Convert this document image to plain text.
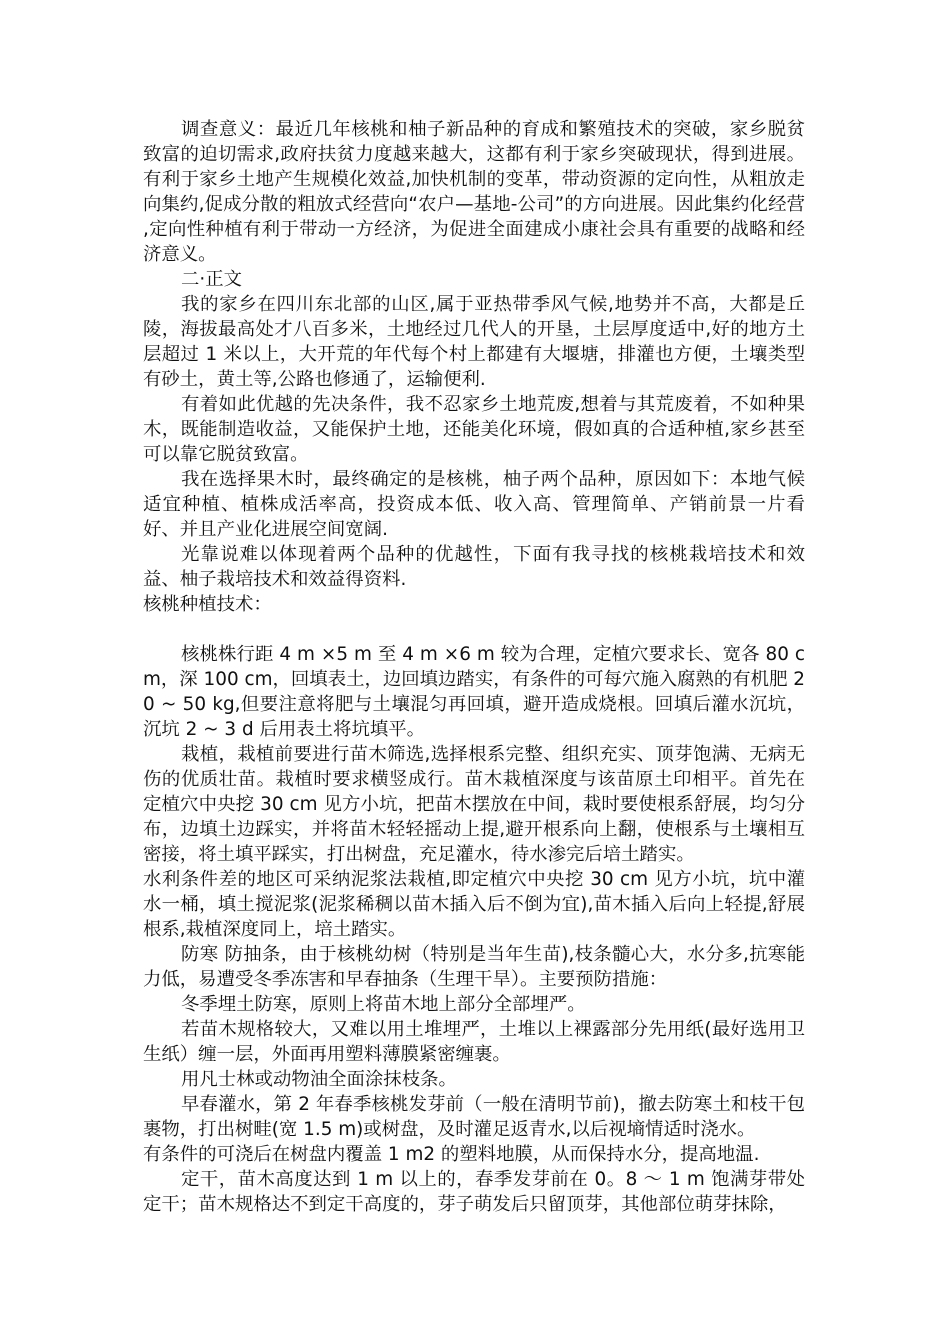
调查意义：最近几年核桃和柚子新品种的育成和繁殖技术的突破，家乡脱贫致富的迫切需求,政府扶贫力度越来越大，这都有利于家乡突破现状，得到进展。有利于家乡土地产生规模化效益,加快机制的变革，带动资源的定向性，从粗放走向集约,促成分散的粗放式经营向“农户—基地-公司”的方向进展。因此集约化经营 ,定向性种植有利于带动一方经济，为促进全面建成小康社会具有重要的战略和经济意义。

二·正文

我的家乡在四川东北部的山区,属于亚热带季风气候,地势并不高，大都是丘陵，海拔最高处才八百多米，土地经过几代人的开垦，土层厚度适中,好的地方土层超过 1 米以上，大开荒的年代每个村上都建有大堰塘，排灌也方便，土壤类型有砂土，黄土等,公路也修通了，运输便利.

有着如此优越的先决条件，我不忍家乡土地荒废,想着与其荒废着，不如种果木，既能制造收益，又能保护土地，还能美化环境，假如真的合适种植,家乡甚至可以靠它脱贫致富。

我在选择果木时，最终确定的是核桃，柚子两个品种，原因如下：本地气候适宜种植、植株成活率高，投资成本低、收入高、管理简单、产销前景一片看好、并且产业化进展空间宽阔.

光靠说难以体现着两个品种的优越性，下面有我寻找的核桃栽培技术和效益、柚子栽培技术和效益得资料.

核桃种植技术：

核桃株行距 4 m ×5 m 至 4 m ×6 m 较为合理，定植穴要求长、宽各 80 cm，深 100 cm，回填表土，边回填边踏实，有条件的可每穴施入腐熟的有机肥 20 ~ 50 kg,但要注意将肥与土壤混匀再回填，避开造成烧根。回填后灌水沉坑，沉坑 2 ~ 3 d 后用表土将坑填平。

栽植，栽植前要进行苗木筛选,选择根系完整、组织充实、顶芽饱满、无病无伤的优质壮苗。栽植时要求横竖成行。苗木栽植深度与该苗原土印相平。首先在定植穴中央挖 30 cm 见方小坑，把苗木摆放在中间，栽时要使根系舒展，均匀分布，边填土边踩实，并将苗木轻轻摇动上提,避开根系向上翻，使根系与土壤相互密接，将土填平踩实，打出树盘，充足灌水，待水渗完后培土踏实。

水利条件差的地区可采纳泥浆法栽植,即定植穴中央挖 30 cm 见方小坑，坑中灌水一桶，填土搅泥浆(泥浆稀稠以苗木插入后不倒为宜),苗木插入后向上轻提,舒展根系,栽植深度同上，培土踏实。

防寒 防抽条，由于核桃幼树（特别是当年生苗),枝条髓心大，水分多,抗寒能力低，易遭受冬季冻害和早春抽条（生理干旱）。主要预防措施：

冬季埋土防寒，原则上将苗木地上部分全部埋严。

若苗木规格较大，又难以用土堆埋严，土堆以上裸露部分先用纸(最好选用卫生纸）缠一层，外面再用塑料薄膜紧密缠裹。

用凡士林或动物油全面涂抹枝条。

早春灌水，第 2 年春季核桃发芽前（一般在清明节前)，撤去防寒土和枝干包裹物，打出树畦(宽 1.5 m)或树盘，及时灌足返青水,以后视墒情适时浇水。

有条件的可浇后在树盘内覆盖 1 m2 的塑料地膜，从而保持水分，提高地温.

定干，苗木高度达到 1 m 以上的，春季发芽前在 0。8 ～ 1 m 饱满芽带处定干；苗木规格达不到定干高度的，芽子萌发后只留顶芽，其他部位萌芽抹除，
